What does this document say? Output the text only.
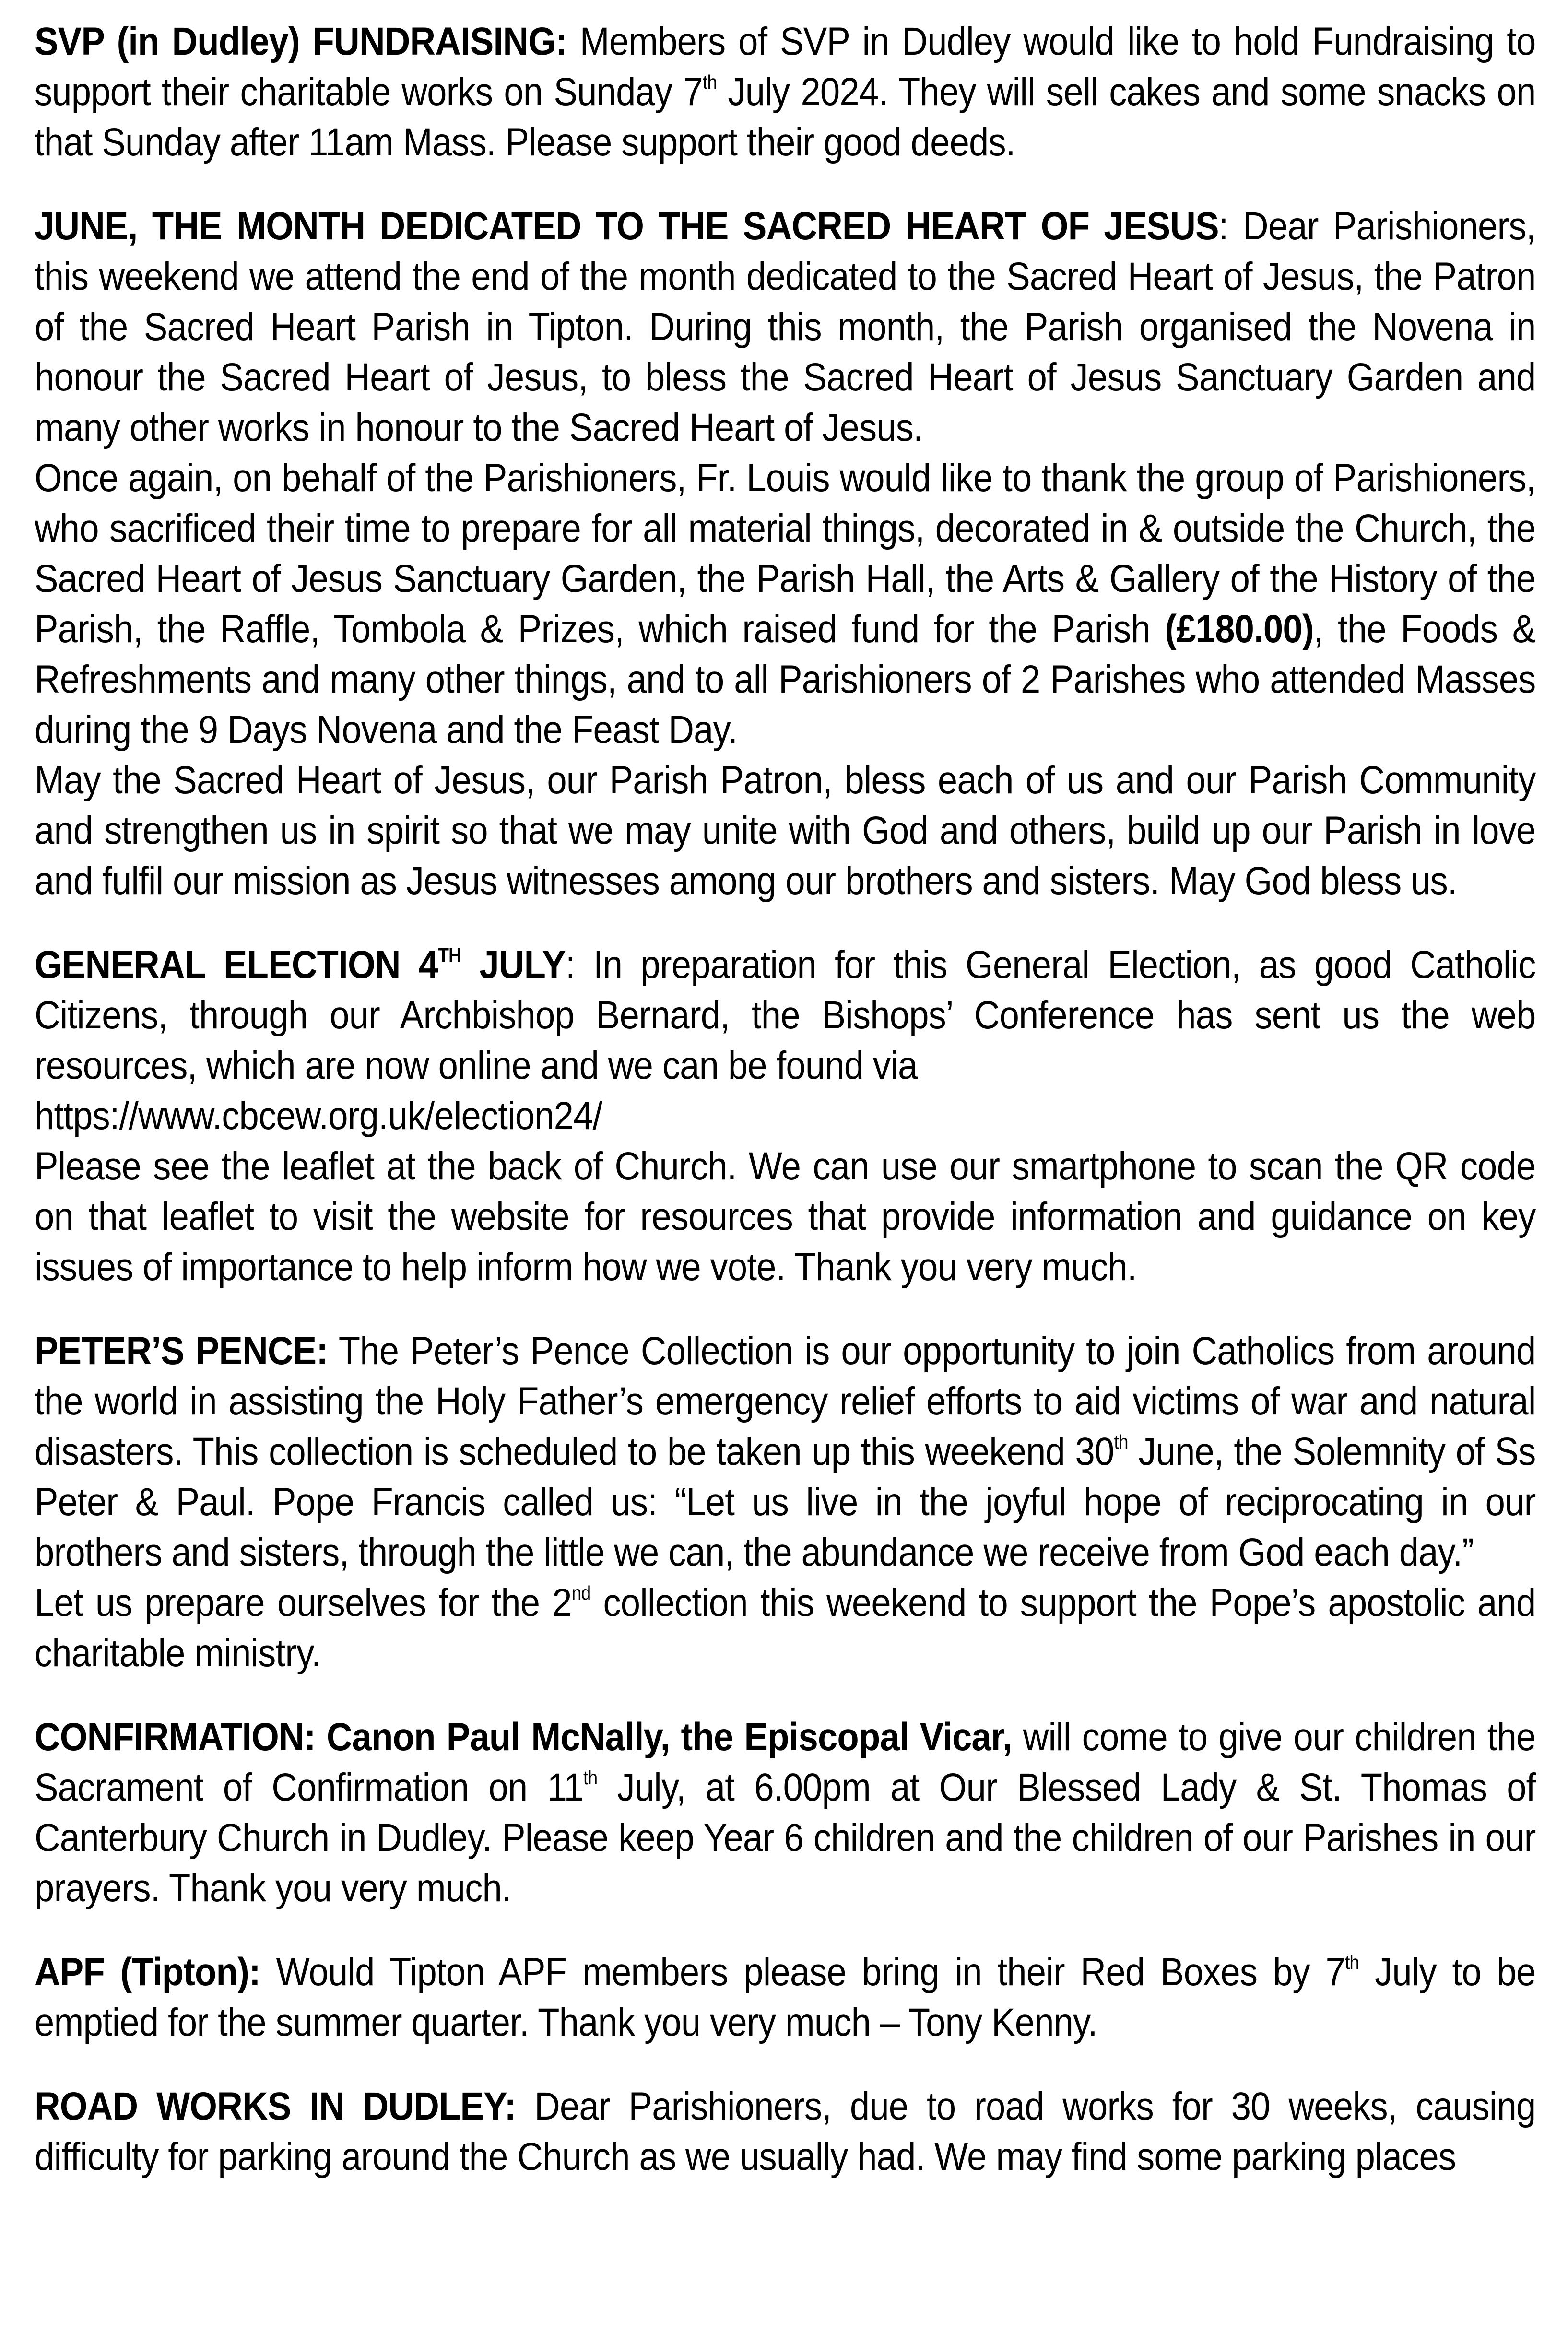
SVP (in Dudley) FUNDRAISING: Members of SVP in Dudley would like to hold Fundraising to support their charitable works on Sunday 7th July 2024. They will sell cakes and some snacks on that Sunday after 11am Mass. Please support their good deeds.

JUNE, THE MONTH DEDICATED TO THE SACRED HEART OF JESUS: Dear Parishioners, this weekend we attend the end of the month dedicated to the Sacred Heart of Jesus, the Patron of the Sacred Heart Parish in Tipton. During this month, the Parish organised the Novena in honour the Sacred Heart of Jesus, to bless the Sacred Heart of Jesus Sanctuary Garden and many other works in honour to the Sacred Heart of Jesus.
Once again, on behalf of the Parishioners, Fr. Louis would like to thank the group of Parishioners, who sacrificed their time to prepare for all material things, decorated in & outside the Church, the Sacred Heart of Jesus Sanctuary Garden, the Parish Hall, the Arts & Gallery of the History of the Parish, the Raffle, Tombola & Prizes, which raised fund for the Parish (£180.00), the Foods & Refreshments and many other things, and to all Parishioners of 2 Parishes who attended Masses during the 9 Days Novena and the Feast Day.
May the Sacred Heart of Jesus, our Parish Patron, bless each of us and our Parish Community and strengthen us in spirit so that we may unite with God and others, build up our Parish in love and fulfil our mission as Jesus witnesses among our brothers and sisters. May God bless us.

GENERAL ELECTION 4TH JULY: In preparation for this General Election, as good Catholic Citizens, through our Archbishop Bernard, the Bishops’ Conference has sent us the web resources, which are now online and we can be found via
https://www.cbcew.org.uk/election24/
Please see the leaflet at the back of Church. We can use our smartphone to scan the QR code on that leaflet to visit the website for resources that provide information and guidance on key issues of importance to help inform how we vote. Thank you very much.

PETER’S PENCE: The Peter’s Pence Collection is our opportunity to join Catholics from around the world in assisting the Holy Father’s emergency relief efforts to aid victims of war and natural disasters. This collection is scheduled to be taken up this weekend 30th June, the Solemnity of Ss Peter & Paul. Pope Francis called us: “Let us live in the joyful hope of reciprocating in our brothers and sisters, through the little we can, the abundance we receive from God each day.”
Let us prepare ourselves for the 2nd collection this weekend to support the Pope’s apostolic and charitable ministry.

CONFIRMATION: Canon Paul McNally, the Episcopal Vicar, will come to give our children the Sacrament of Confirmation on 11th July, at 6.00pm at Our Blessed Lady & St. Thomas of Canterbury Church in Dudley. Please keep Year 6 children and the children of our Parishes in our prayers. Thank you very much.

APF (Tipton): Would Tipton APF members please bring in their Red Boxes by 7th July to be emptied for the summer quarter. Thank you very much – Tony Kenny.

ROAD WORKS IN DUDLEY: Dear Parishioners, due to road works for 30 weeks, causing difficulty for parking around the Church as we usually had. We may find some parking places
